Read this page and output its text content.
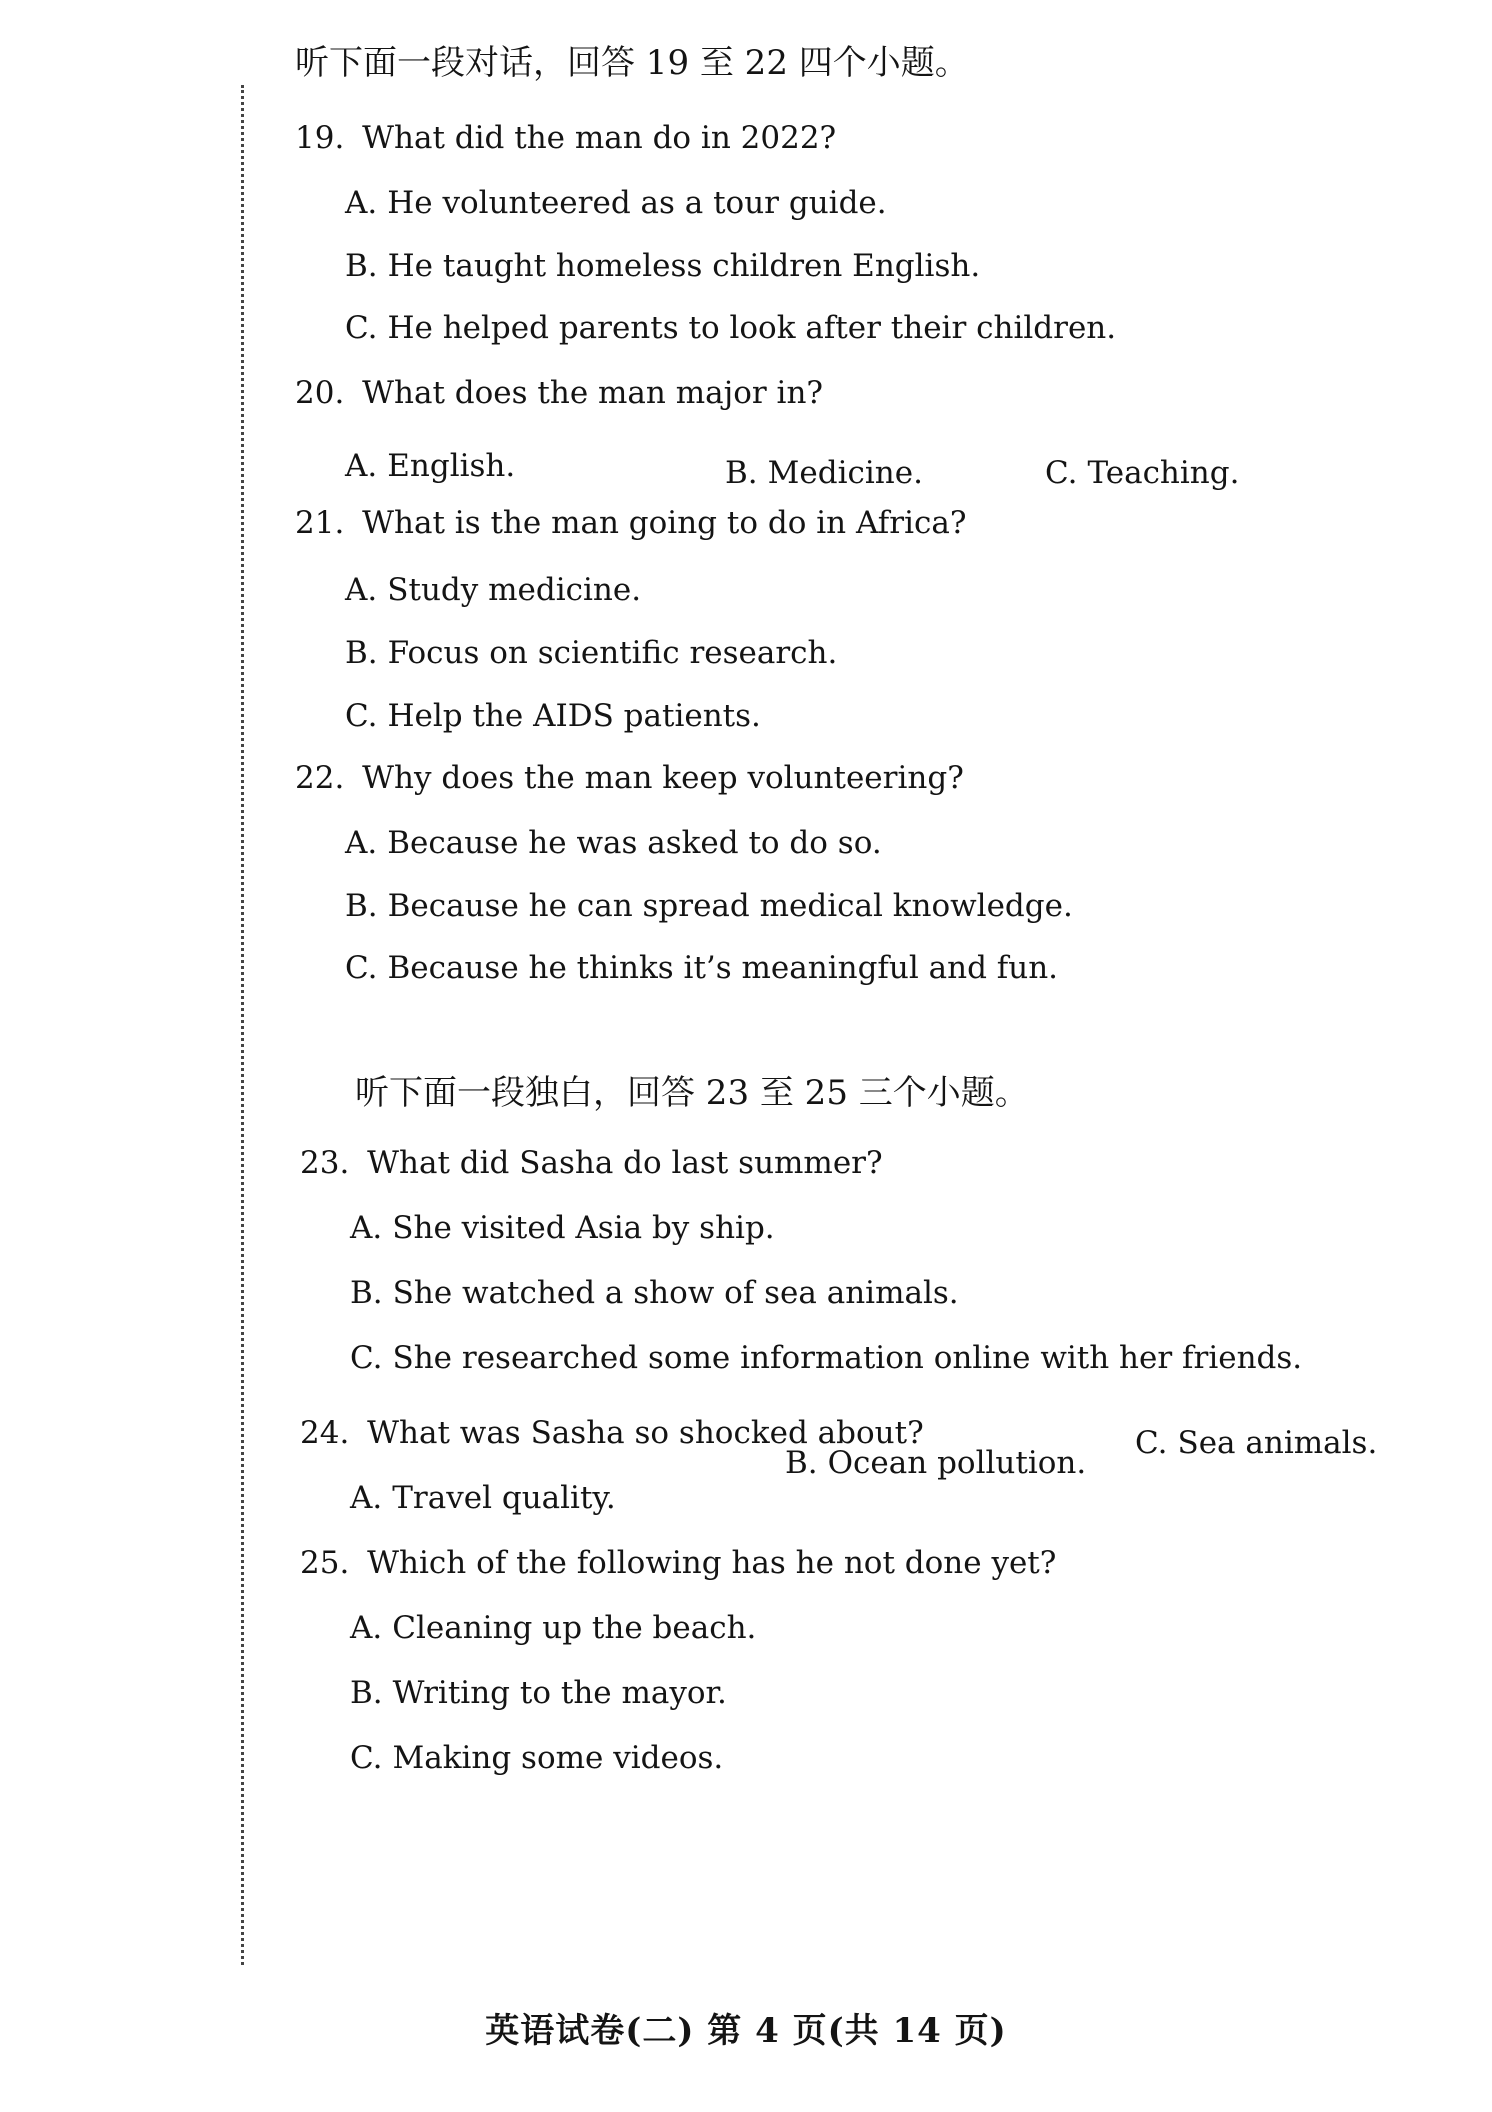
听下面一段对话，回答 19 至 22 四个小题。
19. What did the man do in 2022?
A. He volunteered as a tour guide.
B. He taught homeless children English.
C. He helped parents to look after their children.
20. What does the man major in?
A. English.	B. Medicine.	C. Teaching.
21. What is the man going to do in Africa?
A. Study medicine.
B. Focus on scientific research.
C. Help the AIDS patients.
22. Why does the man keep volunteering?
A. Because he was asked to do so.
B. Because he can spread medical knowledge.
C. Because he thinks it’s meaningful and fun.
听下面一段独白，回答 23 至 25 三个小题。
23. What did Sasha do last summer?
A. She visited Asia by ship.
B. She watched a show of sea animals.
C. She researched some information online with her friends.
24. What was Sasha so shocked about?
A. Travel quality.
B. Ocean pollution.
C. Sea animals.
25. Which of the following has he not done yet?
A. Cleaning up the beach.
B. Writing to the mayor.
C. Making some videos.
英语试卷(二) 第 4 页(共 14 页)
